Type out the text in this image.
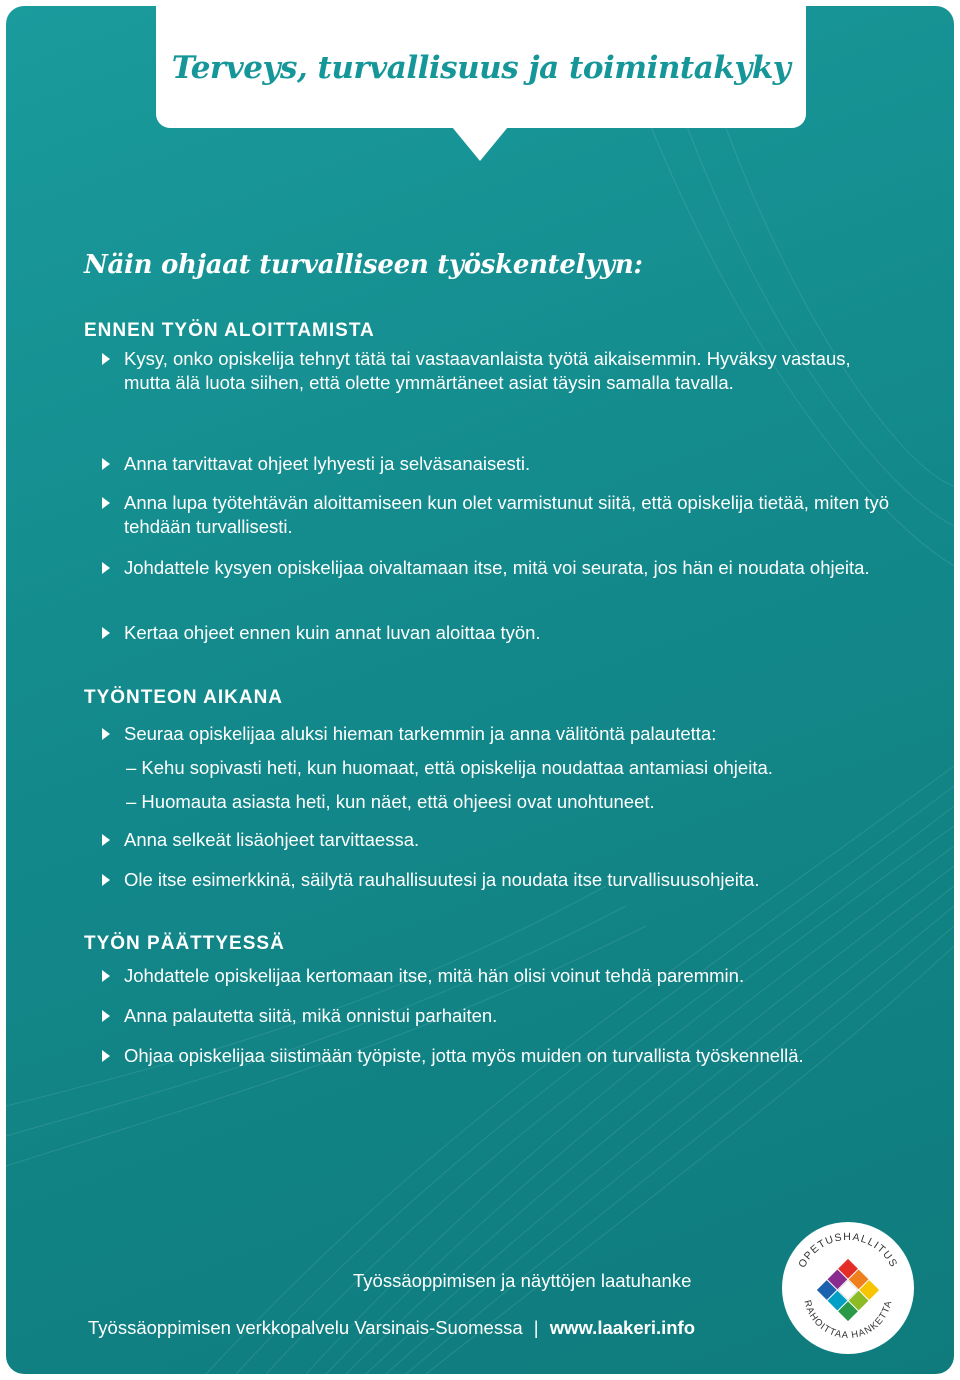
Terveys, turvallisuus ja toimintakyky
Näin ohjaat turvalliseen työskentelyyn:
ENNEN TYÖN ALOITTAMISTA
Kysy, onko opiskelija tehnyt tätä tai vastaavanlaista työtä aikaisemmin. Hyväksy vastaus, mutta älä luota siihen, että olette ymmärtäneet asiat täysin samalla tavalla.
Anna tarvittavat ohjeet lyhyesti ja selväsanaisesti.
Anna lupa työtehtävän aloittamiseen kun olet varmistunut siitä, että opiskelija tietää, miten työ tehdään turvallisesti.
Johdattele kysyen opiskelijaa oivaltamaan itse, mitä voi seurata, jos hän ei noudata ohjeita.
Kertaa ohjeet ennen kuin annat luvan aloittaa työn.
TYÖNTEON AIKANA
Seuraa opiskelijaa aluksi hieman tarkemmin ja anna välitöntä palautetta:
– Kehu sopivasti heti, kun huomaat, että opiskelija noudattaa antamiasi ohjeita.
– Huomauta asiasta heti, kun näet, että ohjeesi ovat unohtuneet.
Anna selkeät lisäohjeet tarvittaessa.
Ole itse esimerkkinä, säilytä rauhallisuutesi ja noudata itse turvallisuusohjeita.
TYÖN PÄÄTTYESSÄ
Johdattele opiskelijaa kertomaan itse, mitä hän olisi voinut tehdä paremmin.
Anna palautetta siitä, mikä onnistui parhaiten.
Ohjaa opiskelijaa siistimään työpiste, jotta myös muiden on turvallista työskennellä.
Työssäoppimisen ja näyttöjen laatuhanke
Työssäoppimisen verkkopalvelu Varsinais-Suomessa | www.laakeri.info
OPETUSHALLITUS
RAHOITTAA HANKETTA
